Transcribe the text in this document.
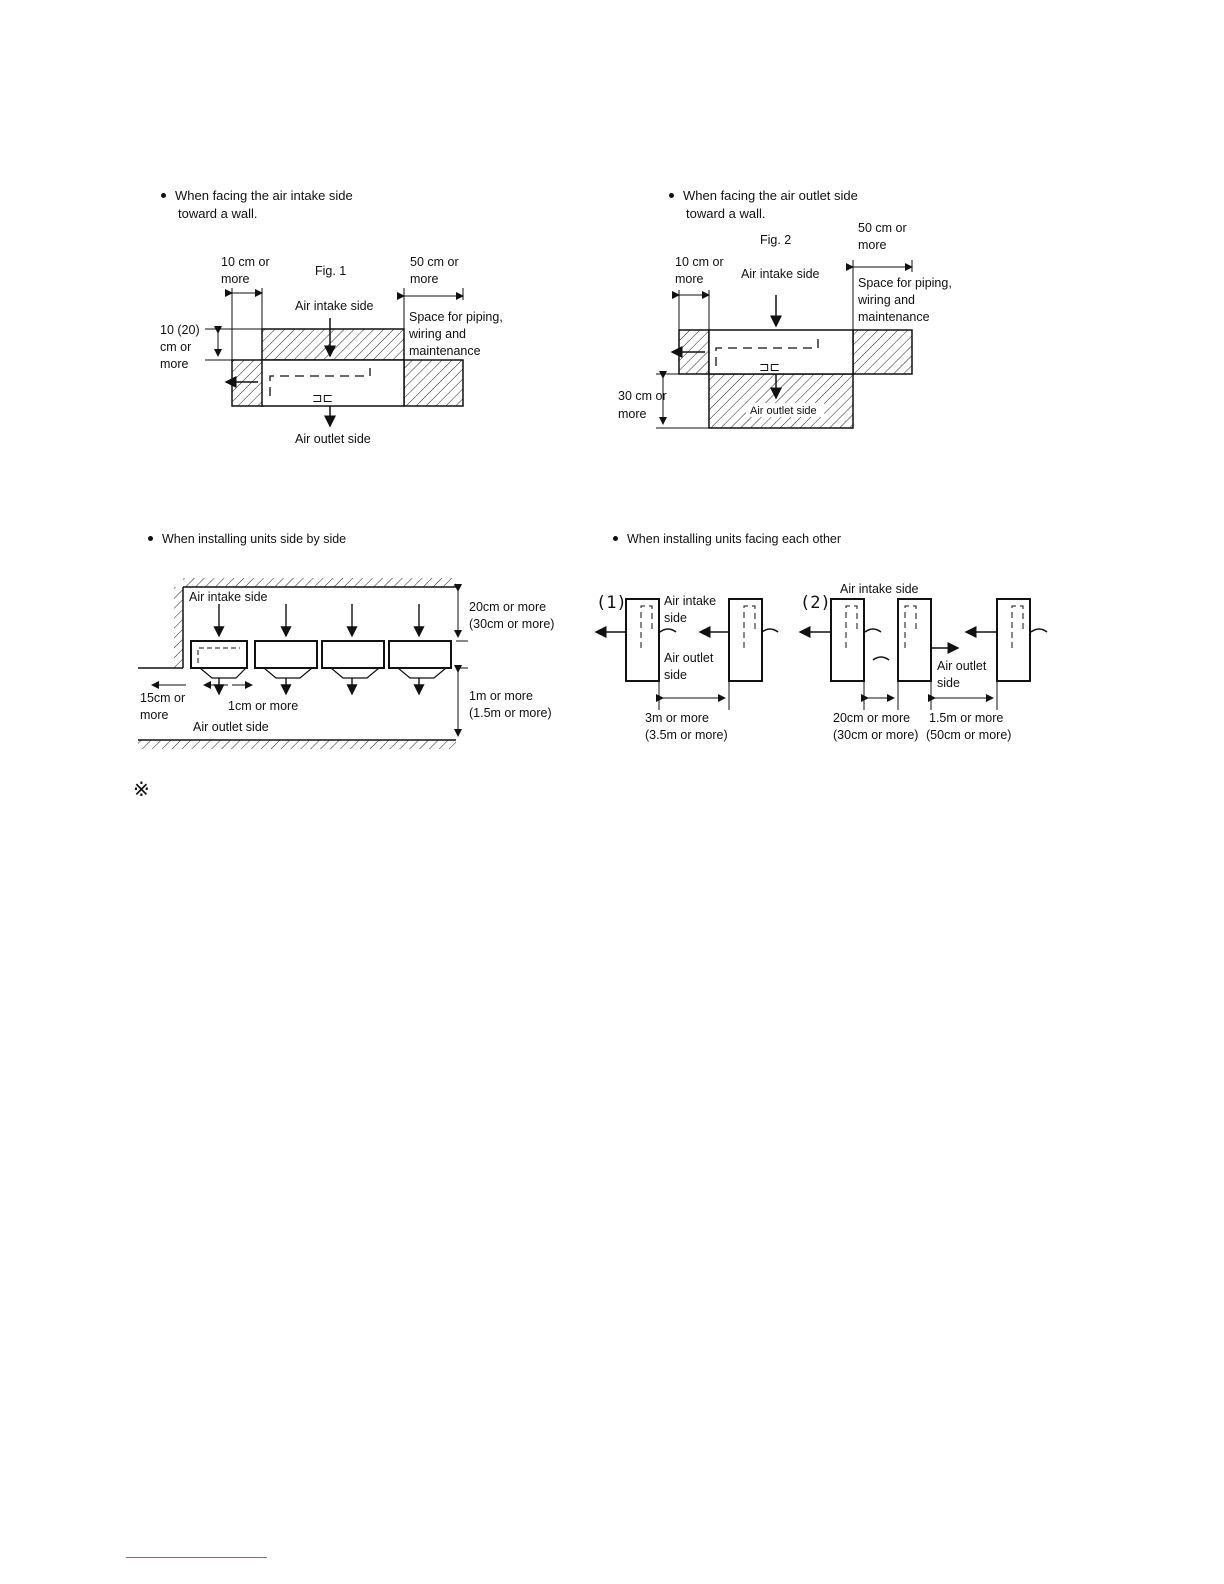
⊐⊏
10 cm or
more
Fig. 1
50 cm or
more
Air intake side
Space for piping,
wiring and
maintenance
10 (20)
cm or
more
Air outlet side
⊐⊏
10 cm or
more
Fig. 2
50 cm or
more
Air intake side
Space for piping,
wiring and
maintenance
30 cm or
more	Air outlet side
Air intake side
20cm or more
(30cm or more)
1m or more
(1.5m or more)
15cm or
more
1cm or more
Air outlet side
(1)	(2)
Air intake
side
Air outlet
side
Air intake side
Air outlet
side
3m or more
(3.5m or more)
20cm or more
(30cm or more)
1.5m or more
(50cm or more)
When facing the air intake side
toward a wall.
When facing the air outlet side
toward a wall.
When installing units side by side	When installing units facing each other
※
